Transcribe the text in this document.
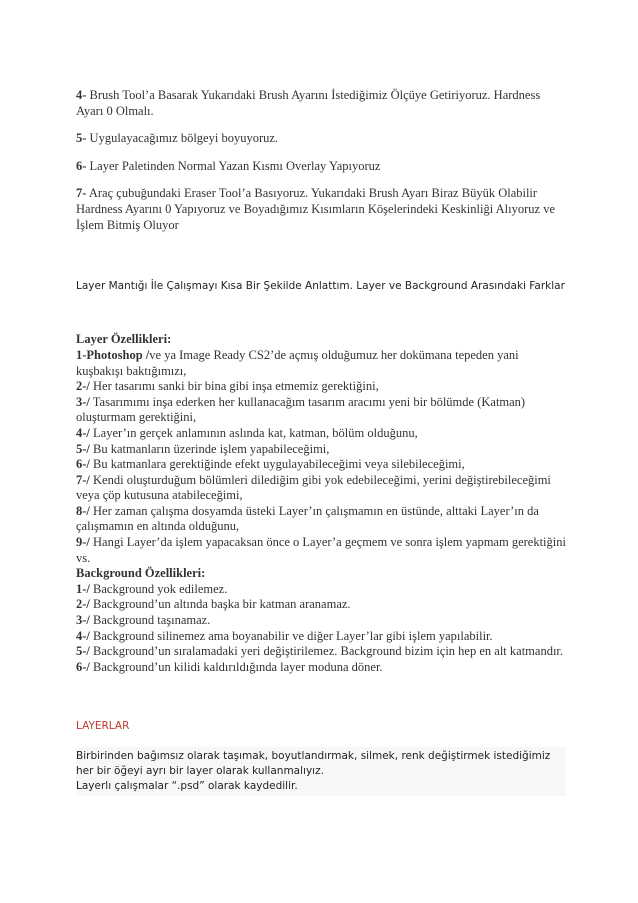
4- Brush Tool’a Basarak Yukarıdaki Brush Ayarını İstediğimiz Ölçüye Getiriyoruz. Hardness Ayarı 0 Olmalı.

5- Uygulayacağımız bölgeyi boyuyoruz.

6- Layer Paletinden Normal Yazan Kısmı Overlay Yapıyoruz

7- Araç çubuğundaki Eraser Tool’a Basıyoruz. Yukarıdaki Brush Ayarı Biraz Büyük Olabilir Hardness Ayarını 0 Yapıyoruz ve Boyadığımız Kısımların Köşelerindeki Keskinliği Alıyoruz ve İşlem Bitmiş Oluyor

Layer Mantığı İle Çalışmayı Kısa Bir Şekilde Anlattım. Layer ve Background Arasındaki Farklar

Layer Özellikleri:

1-Photoshop /ve ya Image Ready CS2’de açmış olduğumuz her dokümana tepeden yani kuşbakışı baktığımızı,

2-/ Her tasarımı sanki bir bina gibi inşa etmemiz gerektiğini,

3-/ Tasarımımı inşa ederken her kullanacağım tasarım aracımı yeni bir bölümde (Katman) oluşturmam gerektiğini,

4-/ Layer’ın gerçek anlamının aslında kat, katman, bölüm olduğunu,

5-/ Bu katmanların üzerinde işlem yapabileceğimi,

6-/ Bu katmanlara gerektiğinde efekt uygulayabileceğimi veya silebileceğimi,

7-/ Kendi oluşturduğum bölümleri dilediğim gibi yok edebileceğimi, yerini değiştirebileceğimi veya çöp kutusuna atabileceğimi,

8-/ Her zaman çalışma dosyamda üsteki Layer’ın çalışmamın en üstünde, alttaki Layer’ın da çalışmamın en altında olduğunu,

9-/ Hangi Layer’da işlem yapacaksan önce o Layer’a geçmem ve sonra işlem yapmam gerektiğini vs.

Background Özellikleri:

1-/ Background yok edilemez.

2-/ Background’un altında başka bir katman aranamaz.

3-/ Background taşınamaz.

4-/ Background silinemez ama boyanabilir ve diğer Layer’lar gibi işlem yapılabilir.

5-/ Background’un sıralamadaki yeri değiştirilemez. Background bizim için hep en alt katmandır.

6-/ Background’un kilidi kaldırıldığında layer moduna döner.

LAYERLAR

Birbirinden bağımsız olarak taşımak, boyutlandırmak, silmek, renk değiştirmek istediğimiz her bir öğeyi ayrı bir layer olarak kullanmalıyız.

Layerlı çalışmalar “.psd” olarak kaydedilir.
